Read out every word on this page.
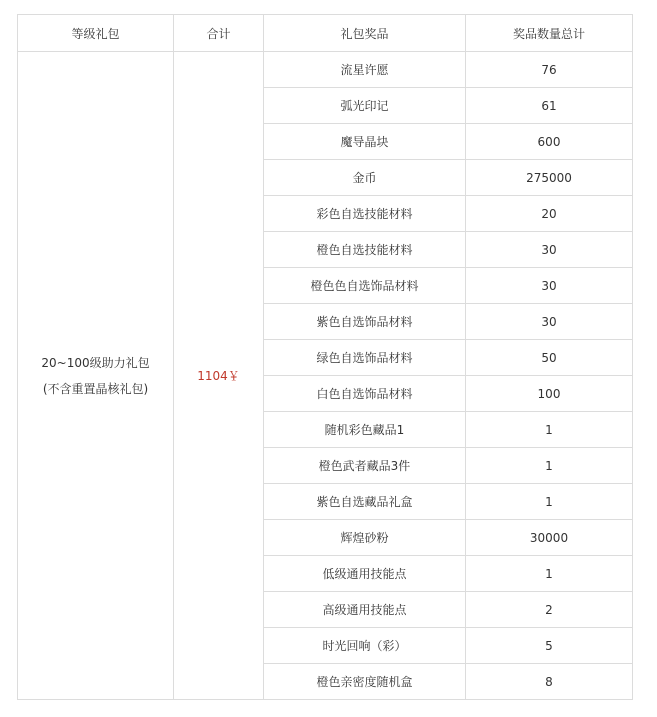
等级礼包	合计	礼包奖品	奖品数量总计

20~100级助力礼包
(不含重置晶核礼包)	1104￥	流星许愿	76
		弧光印记	61
		魔导晶块	600
		金币	275000
		彩色自选技能材料	20
		橙色自选技能材料	30
		橙色色自选饰品材料	30
		紫色自选饰品材料	30
		绿色自选饰品材料	50
		白色自选饰品材料	100
		随机彩色藏品1	1
		橙色武者藏品3件	1
		紫色自选藏品礼盒	1
		辉煌砂粉	30000
		低级通用技能点	1
		高级通用技能点	2
		时光回响（彩）	5
		橙色亲密度随机盒	8
